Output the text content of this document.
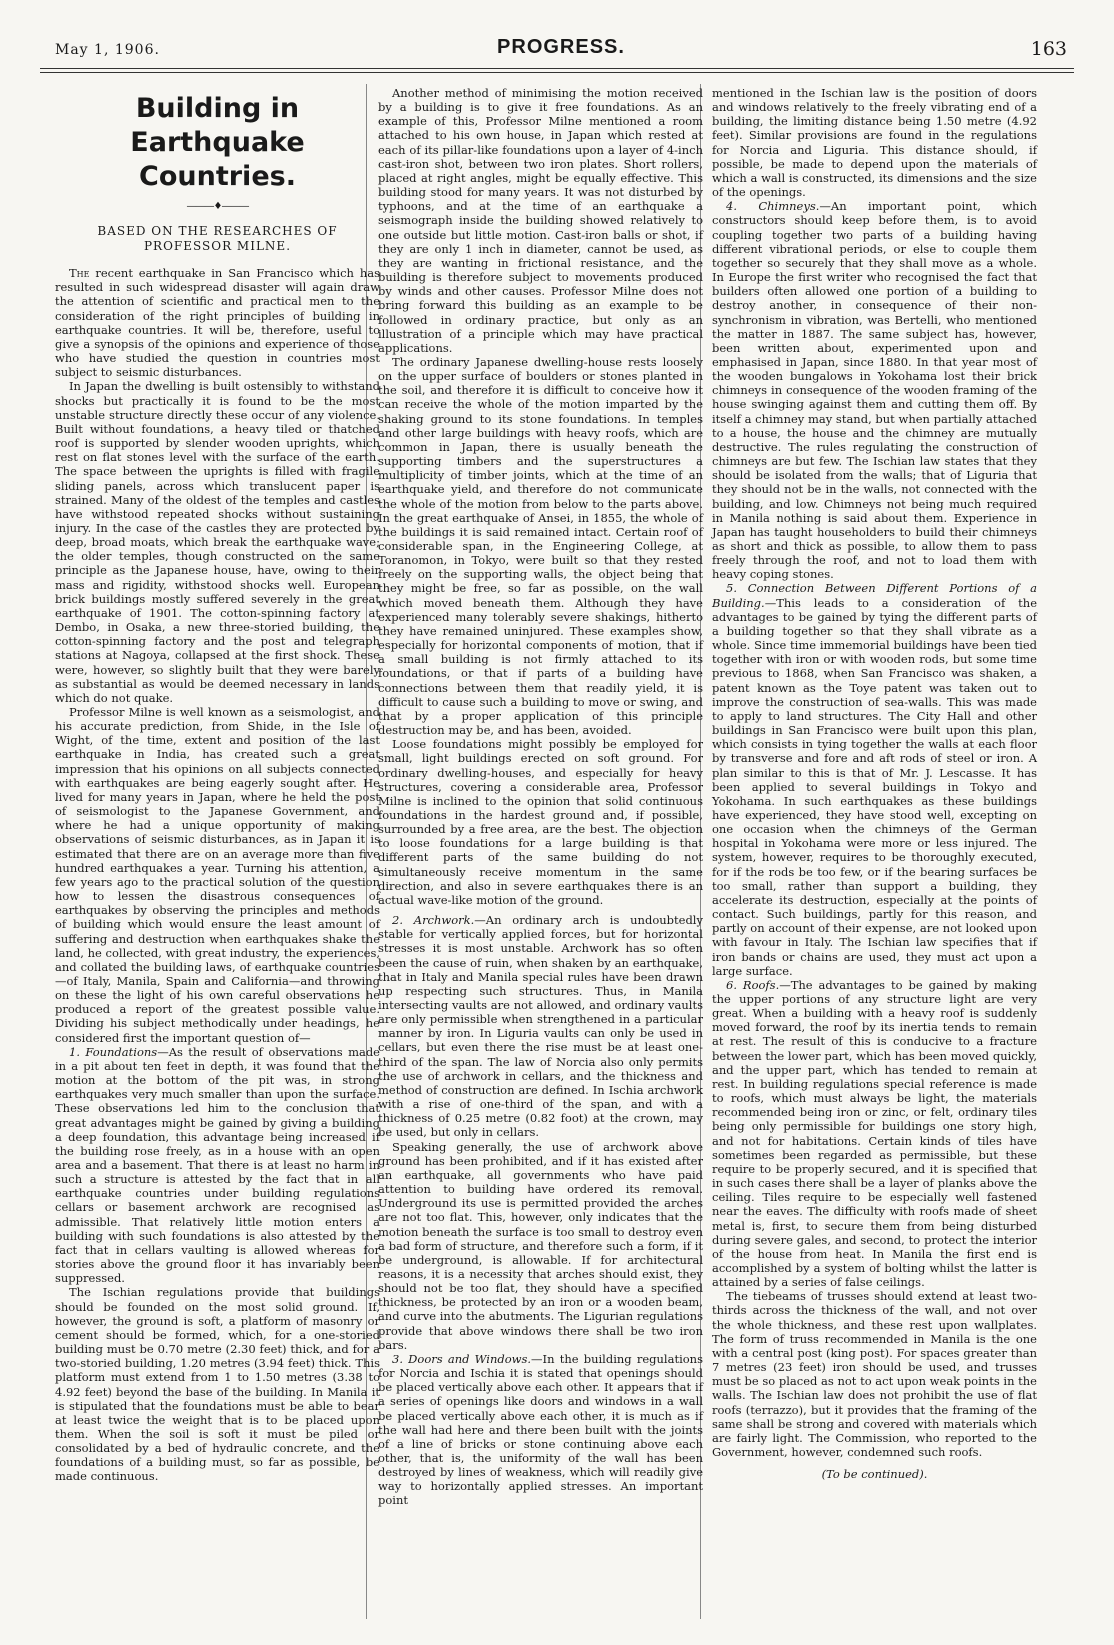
May 1, 1906.	PROGRESS.	163
Building in Earthquake Countries.
———♦———
BASED ON THE RESEARCHES OF PROFESSOR MILNE.

The recent earthquake in San Francisco which has resulted in such widespread disaster will again draw the attention of scientific and practical men to the consideration of the right principles of building in earthquake countries. It will be, therefore, useful to give a synopsis of the opinions and experience of those who have studied the question in countries most subject to seismic disturbances.

In Japan the dwelling is built ostensibly to withstand shocks but practically it is found to be the most unstable structure directly these occur of any violence. Built without foundations, a heavy tiled or thatched roof is supported by slender wooden uprights, which rest on flat stones level with the surface of the earth. The space between the uprights is filled with fragile sliding panels, across which translucent paper is strained. Many of the oldest of the temples and castles have withstood repeated shocks without sustaining injury. In the case of the castles they are protected by deep, broad moats, which break the earthquake wave; the older temples, though constructed on the same principle as the Japanese house, have, owing to their mass and rigidity, withstood shocks well. European brick buildings mostly suffered severely in the great earthquake of 1901. The cotton-spinning factory at Dembo, in Osaka, a new three-storied building, the cotton-spinning factory and the post and telegraph stations at Nagoya, collapsed at the first shock. These were, however, so slightly built that they were barely as substantial as would be deemed necessary in lands which do not quake.

Professor Milne is well known as a seismologist, and his accurate prediction, from Shide, in the Isle of Wight, of the time, extent and position of the last earthquake in India, has created such a great impression that his opinions on all subjects connected with earthquakes are being eagerly sought after. He lived for many years in Japan, where he held the post of seismologist to the Japanese Government, and where he had a unique opportunity of making observations of seismic disturbances, as in Japan it is estimated that there are on an average more than five hundred earthquakes a year. Turning his attention, a few years ago to the practical solution of the question how to lessen the disastrous consequences of earthquakes by observing the principles and methods of building which would ensure the least amount of suffering and destruction when earthquakes shake the land, he collected, with great industry, the experiences, and collated the building laws, of earthquake countries—of Italy, Manila, Spain and California—and throwing on these the light of his own careful observations he produced a report of the greatest possible value. Dividing his subject methodically under headings, he considered first the important question of—

1. Foundations—As the result of observations made in a pit about ten feet in depth, it was found that the motion at the bottom of the pit was, in strong earthquakes very much smaller than upon the surface. These observations led him to the conclusion that great advantages might be gained by giving a building a deep foundation, this advantage being increased if the building rose freely, as in a house with an open area and a basement. That there is at least no harm in such a structure is attested by the fact that in all earthquake countries under building regulations cellars or basement archwork are recognised as admissible. That relatively little motion enters a building with such foundations is also attested by the fact that in cellars vaulting is allowed whereas for stories above the ground floor it has invariably been suppressed.

The Ischian regulations provide that buildings should be founded on the most solid ground. If, however, the ground is soft, a platform of masonry or cement should be formed, which, for a one-storied building must be 0.70 metre (2.30 feet) thick, and for a two-storied building, 1.20 metres (3.94 feet) thick. This platform must extend from 1 to 1.50 metres (3.38 to 4.92 feet) beyond the base of the building. In Manila it is stipulated that the foundations must be able to bear at least twice the weight that is to be placed upon them. When the soil is soft it must be piled or consolidated by a bed of hydraulic concrete, and the foundations of a building must, so far as possible, be made continuous.

Another method of minimising the motion received by a building is to give it free foundations. As an example of this, Professor Milne mentioned a room attached to his own house, in Japan which rested at each of its pillar-like foundations upon a layer of 4-inch cast-iron shot, between two iron plates. Short rollers, placed at right angles, might be equally effective. This building stood for many years. It was not disturbed by typhoons, and at the time of an earthquake a seismograph inside the building showed relatively to one outside but little motion. Cast-iron balls or shot, if they are only 1 inch in diameter, cannot be used, as they are wanting in frictional resistance, and the building is therefore subject to movements produced by winds and other causes. Professor Milne does not bring forward this building as an example to be followed in ordinary practice, but only as an illustration of a principle which may have practical applications.

The ordinary Japanese dwelling-house rests loosely on the upper surface of boulders or stones planted in the soil, and therefore it is difficult to conceive how it can receive the whole of the motion imparted by the shaking ground to its stone foundations. In temples and other large buildings with heavy roofs, which are common in Japan, there is usually beneath the supporting timbers and the superstructures a multiplicity of timber joints, which at the time of an earthquake yield, and therefore do not communicate the whole of the motion from below to the parts above. In the great earthquake of Ansei, in 1855, the whole of the buildings it is said remained intact. Certain roof of considerable span, in the Engineering College, at Toranomon, in Tokyo, were built so that they rested freely on the supporting walls, the object being that they might be free, so far as possible, on the wall which moved beneath them. Although they have experienced many tolerably severe shakings, hitherto they have remained uninjured. These examples show, especially for horizontal components of motion, that if a small building is not firmly attached to its foundations, or that if parts of a building have connections between them that readily yield, it is difficult to cause such a building to move or swing, and that by a proper application of this principle destruction may be, and has been, avoided.

Loose foundations might possibly be employed for small, light buildings erected on soft ground. For ordinary dwelling-houses, and especially for heavy structures, covering a considerable area, Professor Milne is inclined to the opinion that solid continuous foundations in the hardest ground and, if possible, surrounded by a free area, are the best. The objection to loose foundations for a large building is that different parts of the same building do not simultaneously receive momentum in the same direction, and also in severe earthquakes there is an actual wave-like motion of the ground.

2. Archwork.—An ordinary arch is undoubtedly stable for vertically applied forces, but for horizontal stresses it is most unstable. Archwork has so often been the cause of ruin, when shaken by an earthquake, that in Italy and Manila special rules have been drawn up respecting such structures. Thus, in Manila intersecting vaults are not allowed, and ordinary vaults are only permissible when strengthened in a particular manner by iron. In Liguria vaults can only be used in cellars, but even there the rise must be at least one-third of the span. The law of Norcia also only permits the use of archwork in cellars, and the thickness and method of construction are defined. In Ischia archwork with a rise of one-third of the span, and with a thickness of 0.25 metre (0.82 foot) at the crown, may be used, but only in cellars.

Speaking generally, the use of archwork above ground has been prohibited, and if it has existed after an earthquake, all governments who have paid attention to building have ordered its removal. Underground its use is permitted provided the arches are not too flat. This, however, only indicates that the motion beneath the surface is too small to destroy even a bad form of structure, and therefore such a form, if it be underground, is allowable. If for architectural reasons, it is a necessity that arches should exist, they should not be too flat, they should have a specified thickness, be protected by an iron or a wooden beam, and curve into the abutments. The Ligurian regulations provide that above windows there shall be two iron bars.

3. Doors and Windows.—In the building regulations for Norcia and Ischia it is stated that openings should be placed vertically above each other. It appears that if a series of openings like doors and windows in a wall be placed vertically above each other, it is much as if the wall had here and there been built with the joints of a line of bricks or stone continuing above each other, that is, the uniformity of the wall has been destroyed by lines of weakness, which will readily give way to horizontally applied stresses. An important point

mentioned in the Ischian law is the position of doors and windows relatively to the freely vibrating end of a building, the limiting distance being 1.50 metre (4.92 feet). Similar provisions are found in the regulations for Norcia and Liguria. This distance should, if possible, be made to depend upon the materials of which a wall is constructed, its dimensions and the size of the openings.

4. Chimneys.—An important point, which constructors should keep before them, is to avoid coupling together two parts of a building having different vibrational periods, or else to couple them together so securely that they shall move as a whole. In Europe the first writer who recognised the fact that builders often allowed one portion of a building to destroy another, in consequence of their non-synchronism in vibration, was Bertelli, who mentioned the matter in 1887. The same subject has, however, been written about, experimented upon and emphasised in Japan, since 1880. In that year most of the wooden bungalows in Yokohama lost their brick chimneys in consequence of the wooden framing of the house swinging against them and cutting them off. By itself a chimney may stand, but when partially attached to a house, the house and the chimney are mutually destructive. The rules regulating the construction of chimneys are but few. The Ischian law states that they should be isolated from the walls; that of Liguria that they should not be in the walls, not connected with the building, and low. Chimneys not being much required in Manila nothing is said about them. Experience in Japan has taught householders to build their chimneys as short and thick as possible, to allow them to pass freely through the roof, and not to load them with heavy coping stones.

5. Connection Between Different Portions of a Building.—This leads to a consideration of the advantages to be gained by tying the different parts of a building together so that they shall vibrate as a whole. Since time immemorial buildings have been tied together with iron or with wooden rods, but some time previous to 1868, when San Francisco was shaken, a patent known as the Toye patent was taken out to improve the construction of sea-walls. This was made to apply to land structures. The City Hall and other buildings in San Francisco were built upon this plan, which consists in tying together the walls at each floor by transverse and fore and aft rods of steel or iron. A plan similar to this is that of Mr. J. Lescasse. It has been applied to several buildings in Tokyo and Yokohama. In such earthquakes as these buildings have experienced, they have stood well, excepting on one occasion when the chimneys of the German hospital in Yokohama were more or less injured. The system, however, requires to be thoroughly executed, for if the rods be too few, or if the bearing surfaces be too small, rather than support a building, they accelerate its destruction, especially at the points of contact. Such buildings, partly for this reason, and partly on account of their expense, are not looked upon with favour in Italy. The Ischian law specifies that if iron bands or chains are used, they must act upon a large surface.

6. Roofs.—The advantages to be gained by making the upper portions of any structure light are very great. When a building with a heavy roof is suddenly moved forward, the roof by its inertia tends to remain at rest. The result of this is conducive to a fracture between the lower part, which has been moved quickly, and the upper part, which has tended to remain at rest. In building regulations special reference is made to roofs, which must always be light, the materials recommended being iron or zinc, or felt, ordinary tiles being only permissible for buildings one story high, and not for habitations. Certain kinds of tiles have sometimes been regarded as permissible, but these require to be properly secured, and it is specified that in such cases there shall be a layer of planks above the ceiling. Tiles require to be especially well fastened near the eaves. The difficulty with roofs made of sheet metal is, first, to secure them from being disturbed during severe gales, and second, to protect the interior of the house from heat. In Manila the first end is accomplished by a system of bolting whilst the latter is attained by a series of false ceilings.

The tiebeams of trusses should extend at least two-thirds across the thickness of the wall, and not over the whole thickness, and these rest upon wallplates. The form of truss recommended in Manila is the one with a central post (king post). For spaces greater than 7 metres (23 feet) iron should be used, and trusses must be so placed as not to act upon weak points in the walls. The Ischian law does not prohibit the use of flat roofs (terrazzo), but it provides that the framing of the same shall be strong and covered with materials which are fairly light. The Commission, who reported to the Government, however, condemned such roofs.

(To be continued).
